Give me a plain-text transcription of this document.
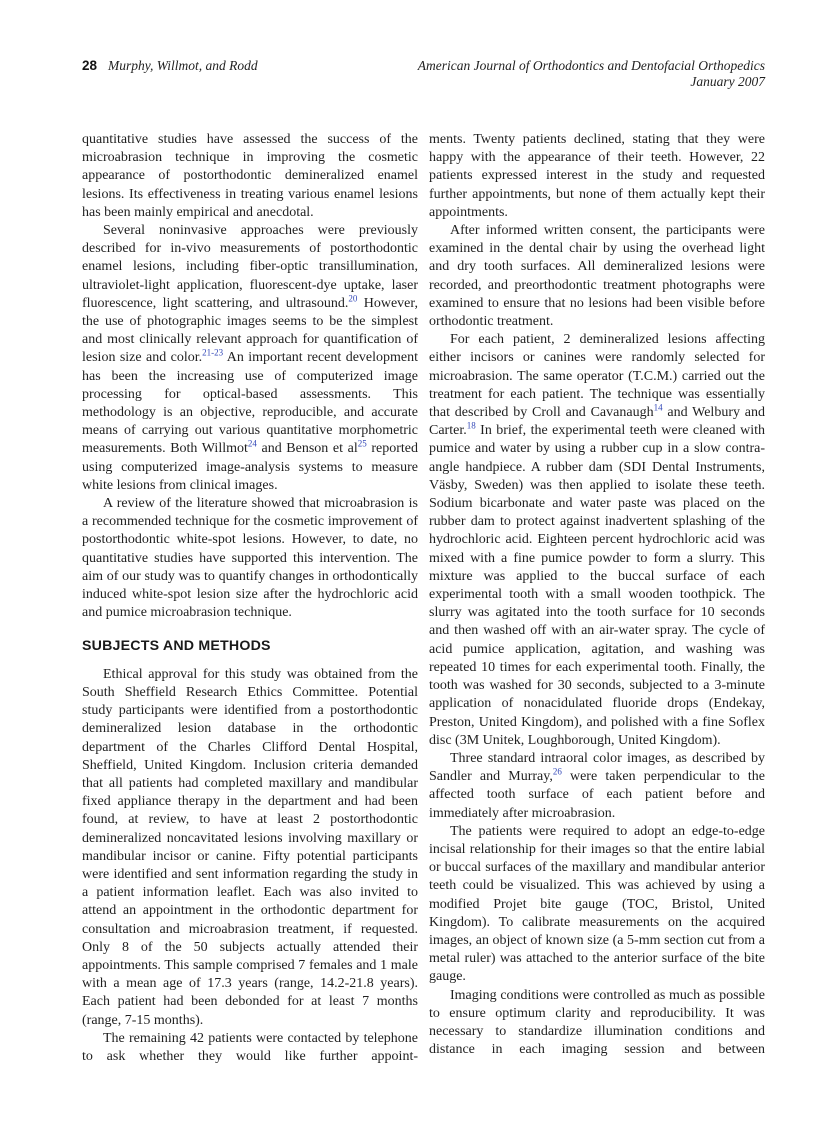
28 Murphy, Willmot, and Rodd	American Journal of Orthodontics and Dentofacial Orthopedics
January 2007

quantitative studies have assessed the success of the microabrasion technique in improving the cosmetic appearance of postorthodontic demineralized enamel lesions. Its effectiveness in treating various enamel lesions has been mainly empirical and anecdotal.

Several noninvasive approaches were previously described for in-vivo measurements of postorthodontic enamel lesions, including fiber-optic transillumination, ultraviolet-light application, fluorescent-dye uptake, laser fluorescence, light scattering, and ultrasound.$^{20}$ However, the use of photographic images seems to be the simplest and most clinically relevant approach for quantification of lesion size and color.$^{21-23}$ An important recent development has been the increasing use of computerized image processing for optical-based assessments. This methodology is an objective, reproducible, and accurate means of carrying out various quantitative morphometric measurements. Both Willmot$^{24}$ and Benson et al$^{25}$ reported using computerized image-analysis systems to measure white lesions from clinical images.

A review of the literature showed that microabrasion is a recommended technique for the cosmetic improvement of postorthodontic white-spot lesions. However, to date, no quantitative studies have supported this intervention. The aim of our study was to quantify changes in orthodontically induced white-spot lesion size after the hydrochloric acid and pumice microabrasion technique.

SUBJECTS AND METHODS

Ethical approval for this study was obtained from the South Sheffield Research Ethics Committee. Potential study participants were identified from a postorthodontic demineralized lesion database in the orthodontic department of the Charles Clifford Dental Hospital, Sheffield, United Kingdom. Inclusion criteria demanded that all patients had completed maxillary and mandibular fixed appliance therapy in the department and had been found, at review, to have at least 2 postorthodontic demineralized noncavitated lesions involving maxillary or mandibular incisor or canine. Fifty potential participants were identified and sent information regarding the study in a patient information leaflet. Each was also invited to attend an appointment in the orthodontic department for consultation and microabrasion treatment, if requested. Only 8 of the 50 subjects actually attended their appointments. This sample comprised 7 females and 1 male with a mean age of 17.3 years (range, 14.2-21.8 years). Each patient had been debonded for at least 7 months (range, 7-15 months).

The remaining 42 patients were contacted by telephone to ask whether they would like further appoint-

ments. Twenty patients declined, stating that they were happy with the appearance of their teeth. However, 22 patients expressed interest in the study and requested further appointments, but none of them actually kept their appointments.

After informed written consent, the participants were examined in the dental chair by using the overhead light and dry tooth surfaces. All demineralized lesions were recorded, and preorthodontic treatment photographs were examined to ensure that no lesions had been visible before orthodontic treatment.

For each patient, 2 demineralized lesions affecting either incisors or canines were randomly selected for microabrasion. The same operator (T.C.M.) carried out the treatment for each patient. The technique was essentially that described by Croll and Cavanaugh$^{14}$ and Welbury and Carter.$^{18}$ In brief, the experimental teeth were cleaned with pumice and water by using a rubber cup in a slow contra-angle handpiece. A rubber dam (SDI Dental Instruments, Väsby, Sweden) was then applied to isolate these teeth. Sodium bicarbonate and water paste was placed on the rubber dam to protect against inadvertent splashing of the hydrochloric acid. Eighteen percent hydrochloric acid was mixed with a fine pumice powder to form a slurry. This mixture was applied to the buccal surface of each experimental tooth with a small wooden toothpick. The slurry was agitated into the tooth surface for 10 seconds and then washed off with an air-water spray. The cycle of acid pumice application, agitation, and washing was repeated 10 times for each experimental tooth. Finally, the tooth was washed for 30 seconds, subjected to a 3-minute application of nonacidulated fluoride drops (Endekay, Preston, United Kingdom), and polished with a fine Soflex disc (3M Unitek, Loughborough, United Kingdom).

Three standard intraoral color images, as described by Sandler and Murray,$^{26}$ were taken perpendicular to the affected tooth surface of each patient before and immediately after microabrasion.

The patients were required to adopt an edge-to-edge incisal relationship for their images so that the entire labial or buccal surfaces of the maxillary and mandibular anterior teeth could be visualized. This was achieved by using a modified Projet bite gauge (TOC, Bristol, United Kingdom). To calibrate measurements on the acquired images, an object of known size (a 5-mm section cut from a metal ruler) was attached to the anterior surface of the bite gauge.

Imaging conditions were controlled as much as possible to ensure optimum clarity and reproducibility. It was necessary to standardize illumination conditions and distance in each imaging session and between
